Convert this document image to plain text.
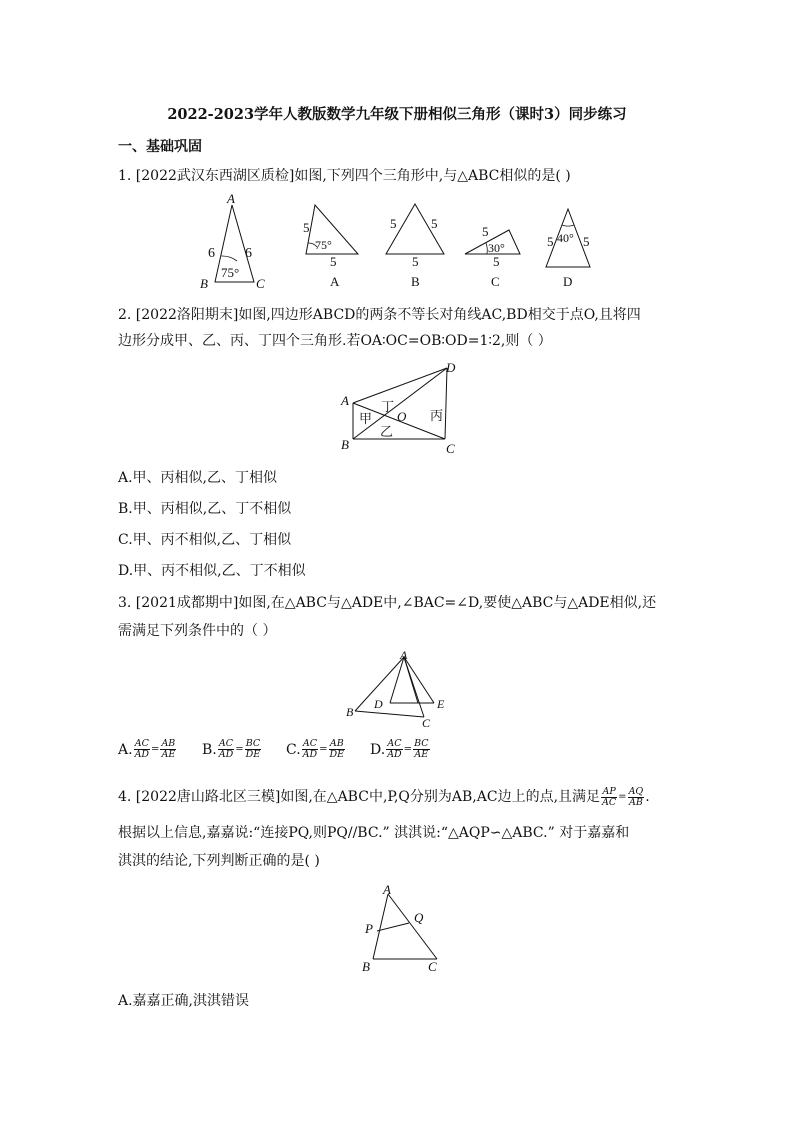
2022-2023学年人教版数学九年级下册相似三角形（课时3）同步练习
一、基础巩固
1. [2022武汉东西湖区质检]如图,下列四个三角形中,与△ABC相似的是( )
A
B	C
6 6
75°
5
5
75°
A
5	5
5
B
5
5
30°
C
5 5
40°
D
2. [2022洛阳期末]如图,四边形ABCD的两条不等长对角线AC,BD相交于点O,且将四
边形分成甲、乙、丙、丁四个三角形.若OA∶OC=OB∶OD=1∶2,则（ ）
A
B	C
D
O
甲
乙
丙
丁
A.甲、丙相似,乙、丁相似
B.甲、丙相似,乙、丁不相似
C.甲、丙不相似,乙、丁相似
D.甲、丙不相似,乙、丁不相似
3. [2021成都期中]如图,在△ABC与△ADE中,∠BAC=∠D,要使△ABC与△ADE相似,还
需满足下列条件中的（ ）
A
B
C
D	E
A. $\frac{AC}{AD} = \frac{AB}{AE} B$. $\frac{AC}{AD} = \frac{BC}{DE} C$. $\frac{AC}{AD} = \frac{AB}{DE} D$. $\frac{AC}{AD} = \frac{BC}{AE}$
4. [2022唐山路北区三模]如图,在△ABC中,P,Q分别为AB,AC边上的点,且满足 $\frac{AP}{AC} = \frac{AQ}{AB}$ .
根据以上信息,嘉嘉说:“连接PQ,则PQ//BC.” 淇淇说:“△AQP∽△ABC.” 对于嘉嘉和
淇淇的结论,下列判断正确的是( )
A
B	C
P
Q
A.嘉嘉正确,淇淇错误
